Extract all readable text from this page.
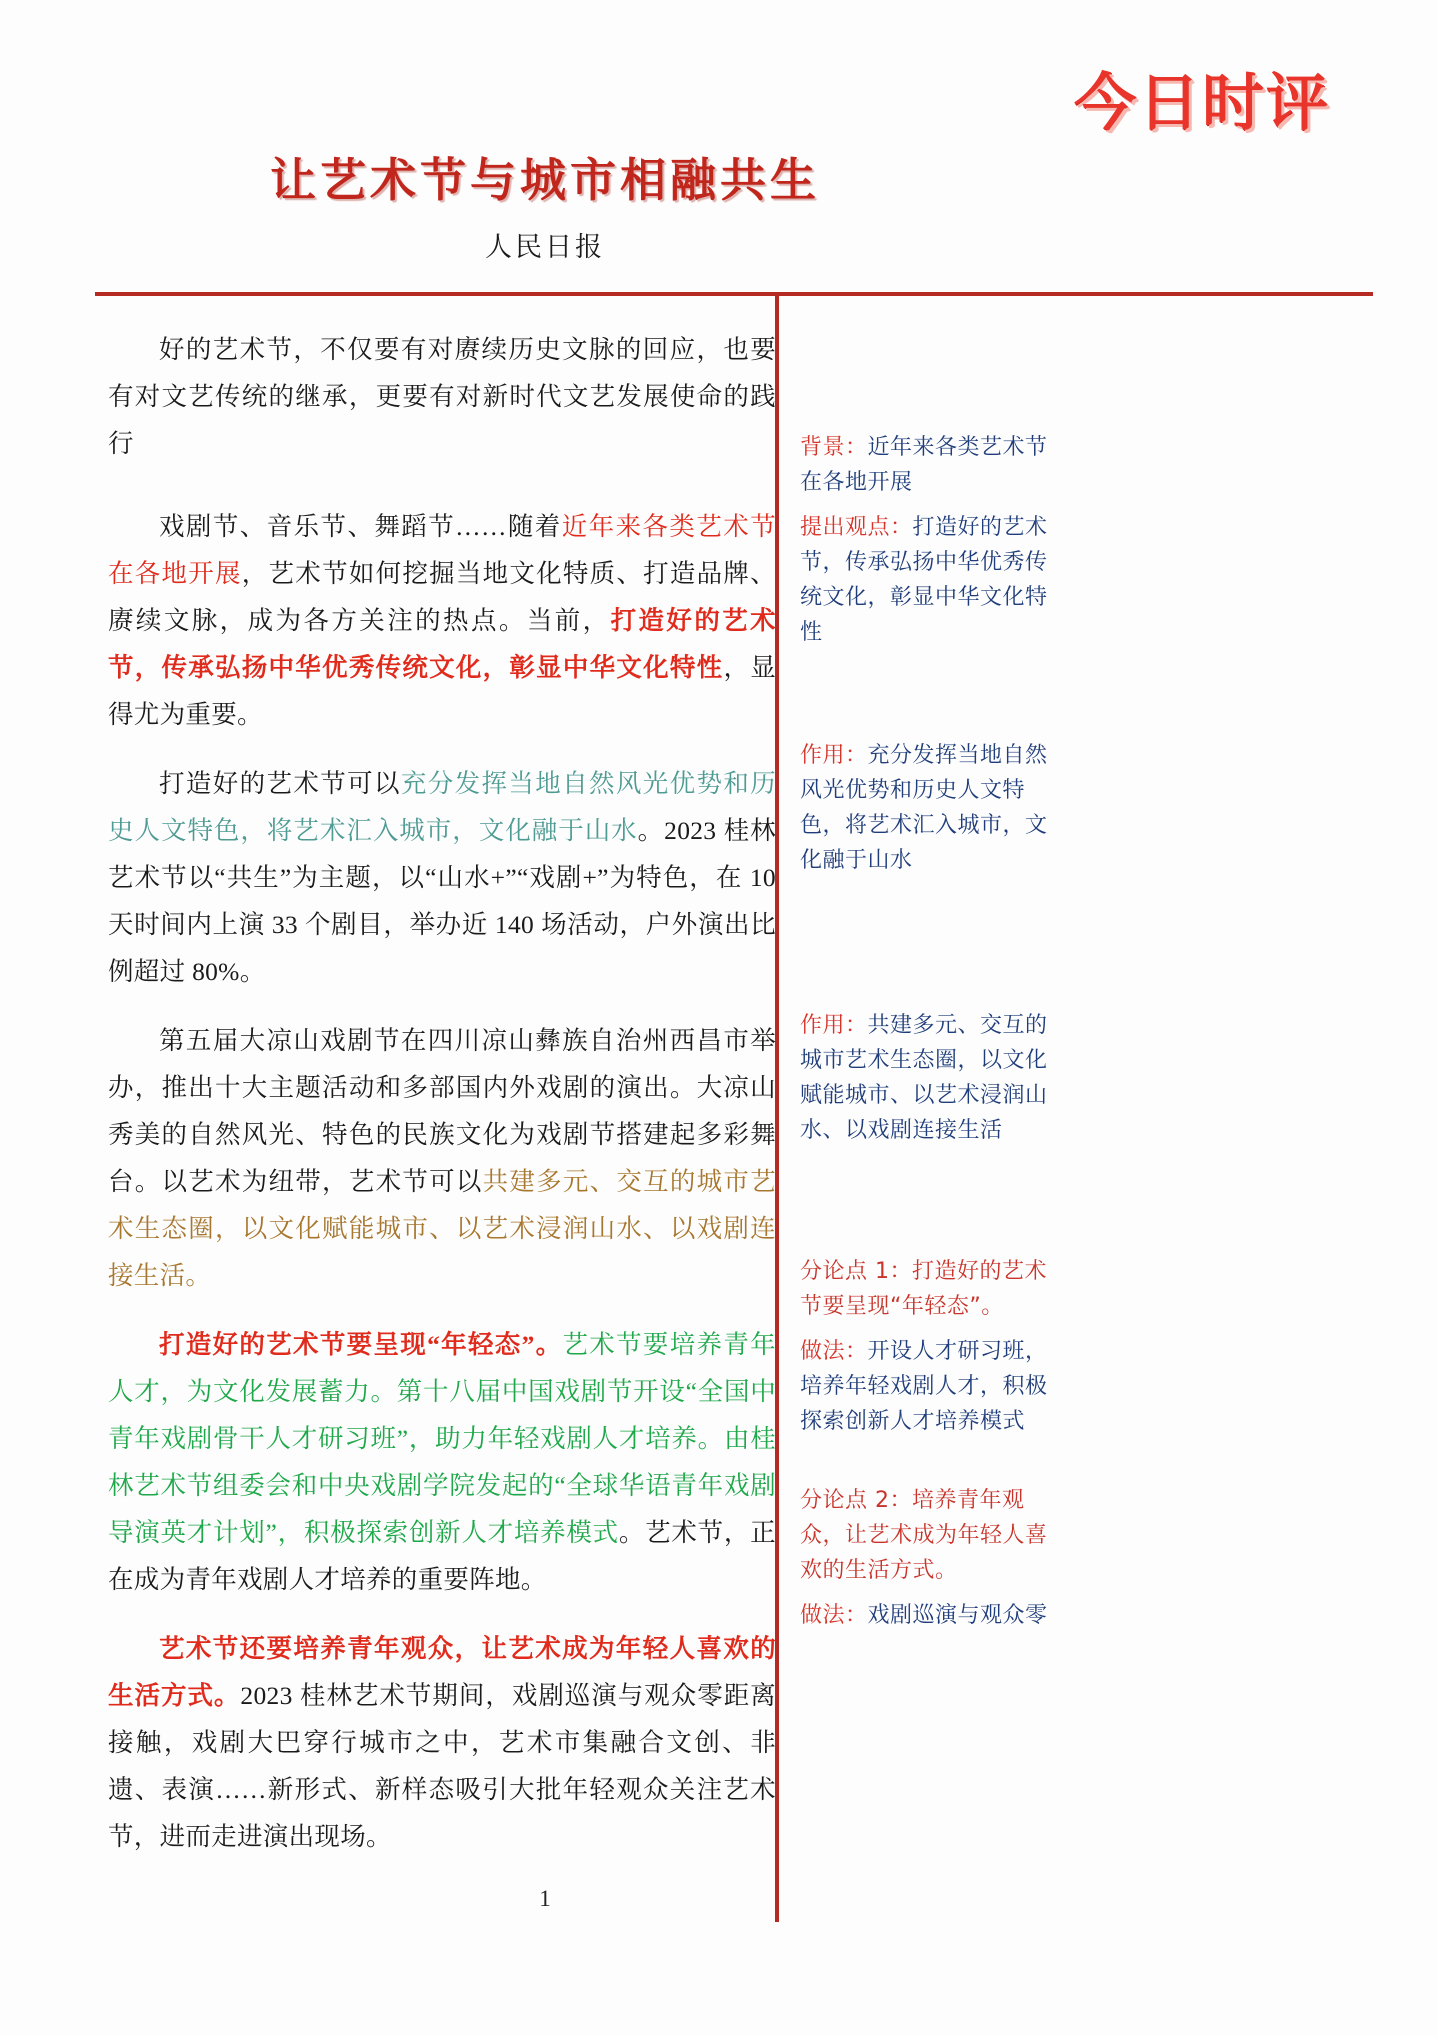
今日时评
让艺术节与城市相融共生
人民日报

好的艺术节，不仅要有对赓续历史文脉的回应，也要有对文艺传统的继承，更要有对新时代文艺发展使命的践行

戏剧节、音乐节、舞蹈节……随着近年来各类艺术节在各地开展，艺术节如何挖掘当地文化特质、打造品牌、赓续文脉，成为各方关注的热点。当前，打造好的艺术节，传承弘扬中华优秀传统文化，彰显中华文化特性，显得尤为重要。

打造好的艺术节可以充分发挥当地自然风光优势和历史人文特色，将艺术汇入城市，文化融于山水。2023 桂林艺术节以“共生”为主题，以“山水+”“戏剧+”为特色，在 10 天时间内上演 33 个剧目，举办近 140 场活动，户外演出比例超过 80%。

第五届大凉山戏剧节在四川凉山彝族自治州西昌市举办，推出十大主题活动和多部国内外戏剧的演出。大凉山秀美的自然风光、特色的民族文化为戏剧节搭建起多彩舞台。以艺术为纽带，艺术节可以共建多元、交互的城市艺术生态圈，以文化赋能城市、以艺术浸润山水、以戏剧连接生活。

打造好的艺术节要呈现“年轻态”。艺术节要培养青年人才，为文化发展蓄力。第十八届中国戏剧节开设“全国中青年戏剧骨干人才研习班”，助力年轻戏剧人才培养。由桂林艺术节组委会和中央戏剧学院发起的“全球华语青年戏剧导演英才计划”，积极探索创新人才培养模式。艺术节，正在成为青年戏剧人才培养的重要阵地。

艺术节还要培养青年观众，让艺术成为年轻人喜欢的生活方式。2023 桂林艺术节期间，戏剧巡演与观众零距离接触，戏剧大巴穿行城市之中，艺术市集融合文创、非遗、表演……新形式、新样态吸引大批年轻观众关注艺术节，进而走进演出现场。

背景：近年来各类艺术节在各地开展
提出观点：打造好的艺术节，传承弘扬中华优秀传统文化，彰显中华文化特性
作用：充分发挥当地自然风光优势和历史人文特色，将艺术汇入城市，文化融于山水
作用：共建多元、交互的城市艺术生态圈，以文化赋能城市、以艺术浸润山水、以戏剧连接生活
分论点 1：打造好的艺术节要呈现“年轻态”。
做法：开设人才研习班，培养年轻戏剧人才，积极探索创新人才培养模式
分论点 2：培养青年观众，让艺术成为年轻人喜欢的生活方式。
做法：戏剧巡演与观众零
1
